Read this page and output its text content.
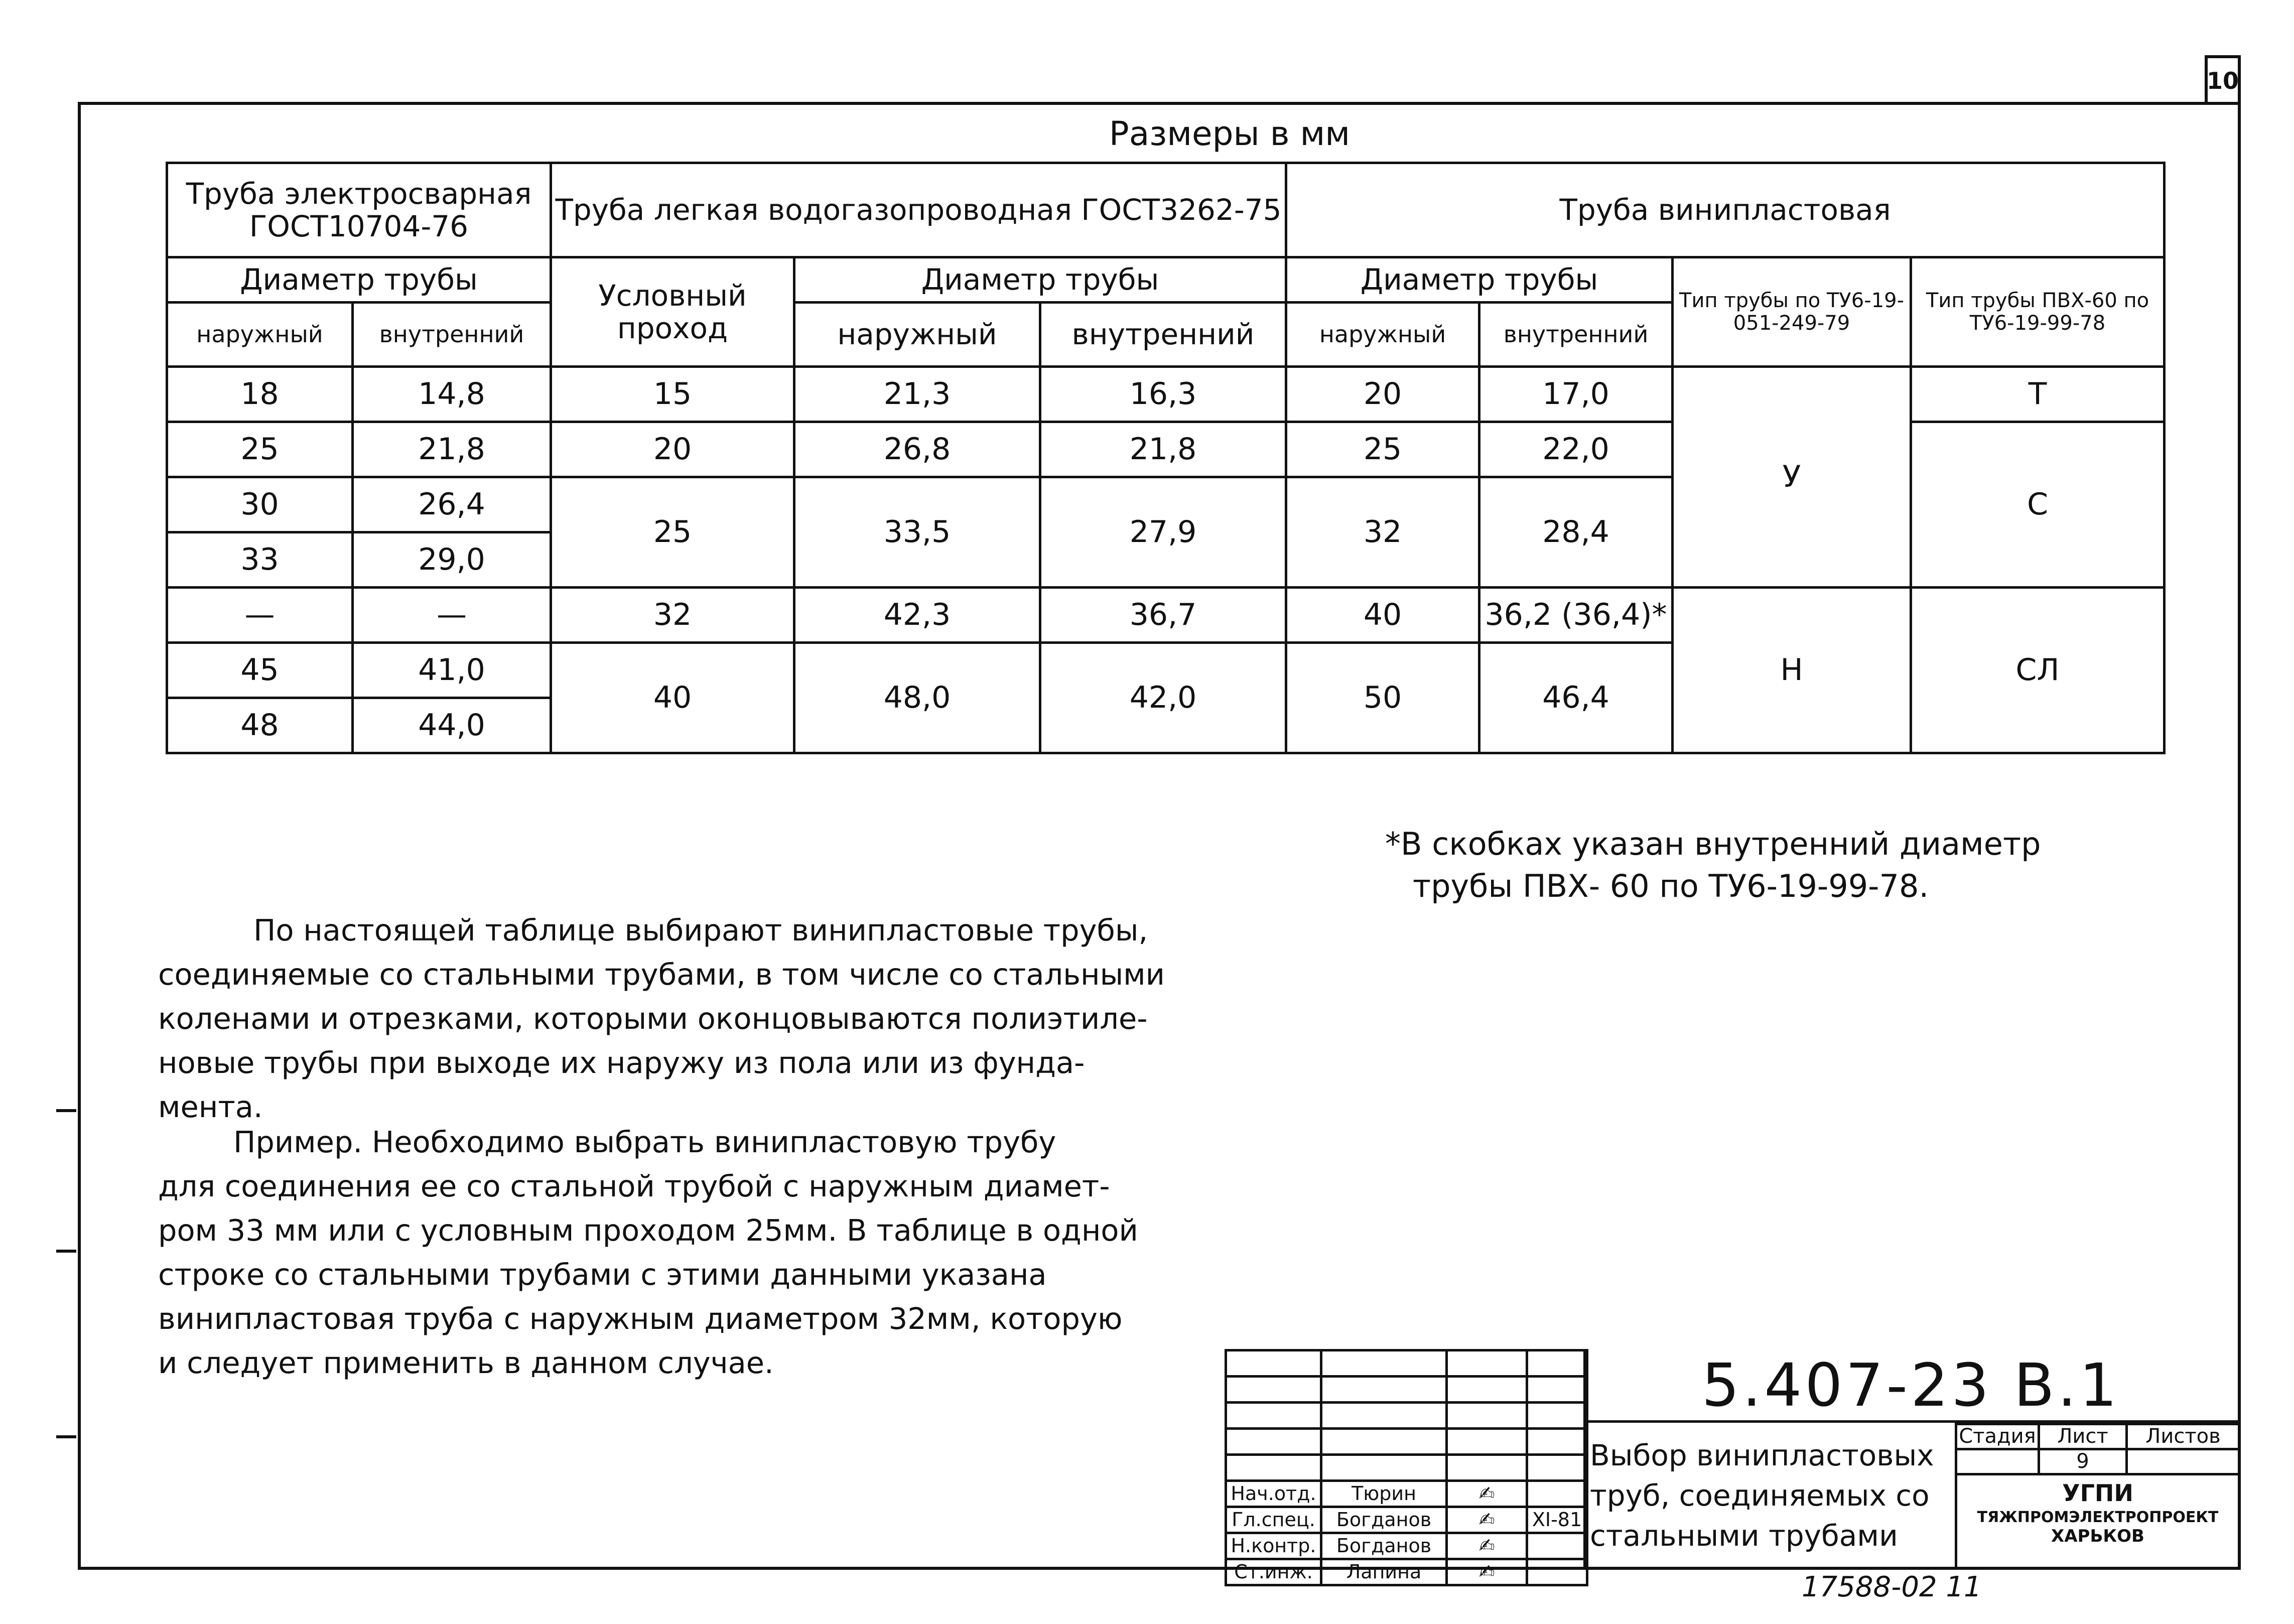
10
Размеры в мм
Труба электросварная ГОСТ10704-76		Труба легкая водогазопроводная ГОСТ3262-75			Труба винипластовая			
Диаметр трубы		Условный проход	Диаметр трубы		Диаметр трубы		Тип трубы по ТУ6-19-051-249-79	Тип трубы ПВХ-60 по ТУ6-19-99-78
наружный	внутренний		наружный	внутренний	наружный	внутренний		
18	14,8	15	21,3	16,3	20	17,0	У	Т
25	21,8	20	26,8	21,8	25	22,0		С
30	26,4	25	33,5	27,9	32	28,4		
33	29,0							
—	—	32	42,3	36,7	40	36,2 (36,4)*	Н	СЛ
45	41,0	40	48,0	42,0	50	46,4		
48	44,0							
*В скобках указан внутренний диаметр
трубы ПВХ- 60 по ТУ6-19-99-78.
По настоящей таблице выбирают винипластовые трубы,
соединяемые со стальными трубами, в том числе со стальными
коленами и отрезками, которыми оконцовываются полиэтиле-
новые трубы при выходе их наружу из пола или из фунда-
мента.
Пример. Необходимо выбрать винипластовую трубу
для соединения ее со стальной трубой с наружным диамет-
ром 33 мм или с условным проходом 25мм. В таблице в одной
строке со стальными трубами с этими данными указана
винипластовая труба с наружным диаметром 32мм, которую
и следует применить в данном случае.

Нач.отд.	Тюрин	✍	
Гл.спец.	Богданов	✍	XI-81
Н.контр.	Богданов	✍	
Ст.инж.	Лапина	✍	
5.407-23 В.1
Выбор винипластовых
труб, соединяемых со
стальными трубами
Стадия	Лист	Листов
	9	
УГПИ
ТЯЖПРОМЭЛЕКТРОПРОЕКТ
ХАРЬКОВ
17588-02 11
